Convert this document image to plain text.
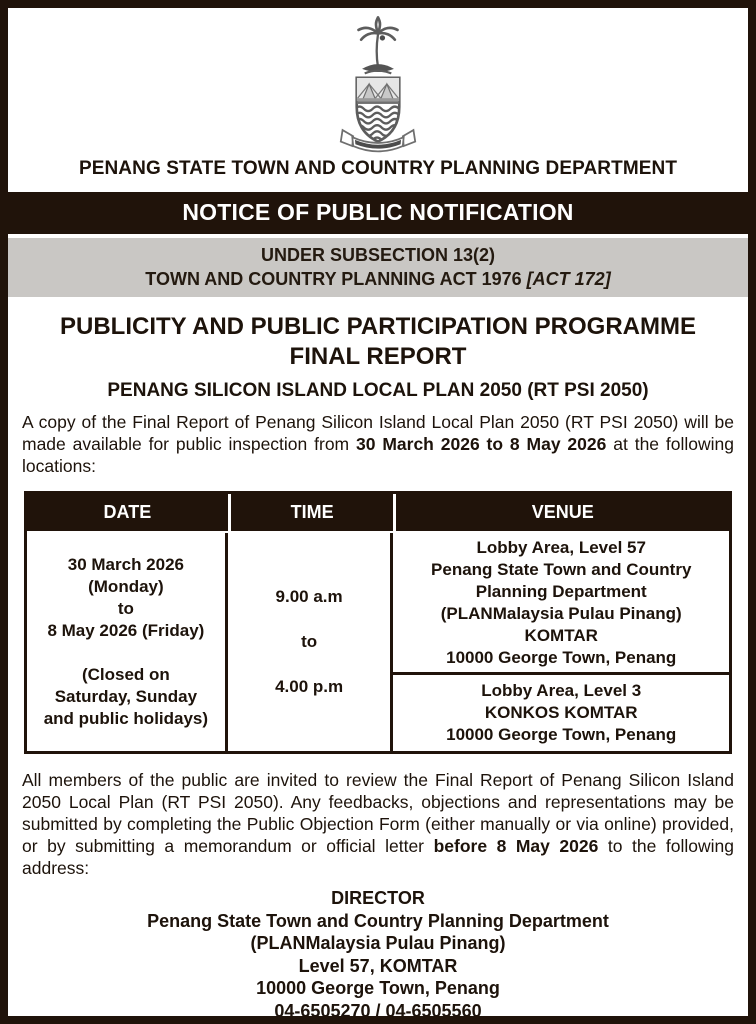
PENANG STATE TOWN AND COUNTRY PLANNING DEPARTMENT
NOTICE OF PUBLIC NOTIFICATION
UNDER SUBSECTION 13(2)
TOWN AND COUNTRY PLANNING ACT 1976 [ACT 172]
PUBLICITY AND PUBLIC PARTICIPATION PROGRAMME
FINAL REPORT
PENANG SILICON ISLAND LOCAL PLAN 2050 (RT PSI 2050)

A copy of the Final Report of Penang Silicon Island Local Plan 2050 (RT PSI 2050) will be made available for public inspection from 30 March 2026 to 8 May 2026 at the following locations:

DATE	TIME	VENUE
30 March 2026
(Monday)
to
8 May 2026 (Friday)
(Closed on
Saturday, Sunday
and public holidays)
9.00 a.m
to
4.00 p.m
Lobby Area, Level 57
Penang State Town and Country
Planning Department
(PLANMalaysia Pulau Pinang)
KOMTAR
10000 George Town, Penang
Lobby Area, Level 3
KONKOS KOMTAR
10000 George Town, Penang

All members of the public are invited to review the Final Report of Penang Silicon Island 2050 Local Plan (RT PSI 2050). Any feedbacks, objections and representations may be submitted by completing the Public Objection Form (either manually or via online) provided, or by submitting a memorandum or official letter before 8 May 2026 to the following address:

DIRECTOR
Penang State Town and Country Planning Department
(PLANMalaysia Pulau Pinang)
Level 57, KOMTAR
10000 George Town, Penang
04-6505270 / 04-6505560
